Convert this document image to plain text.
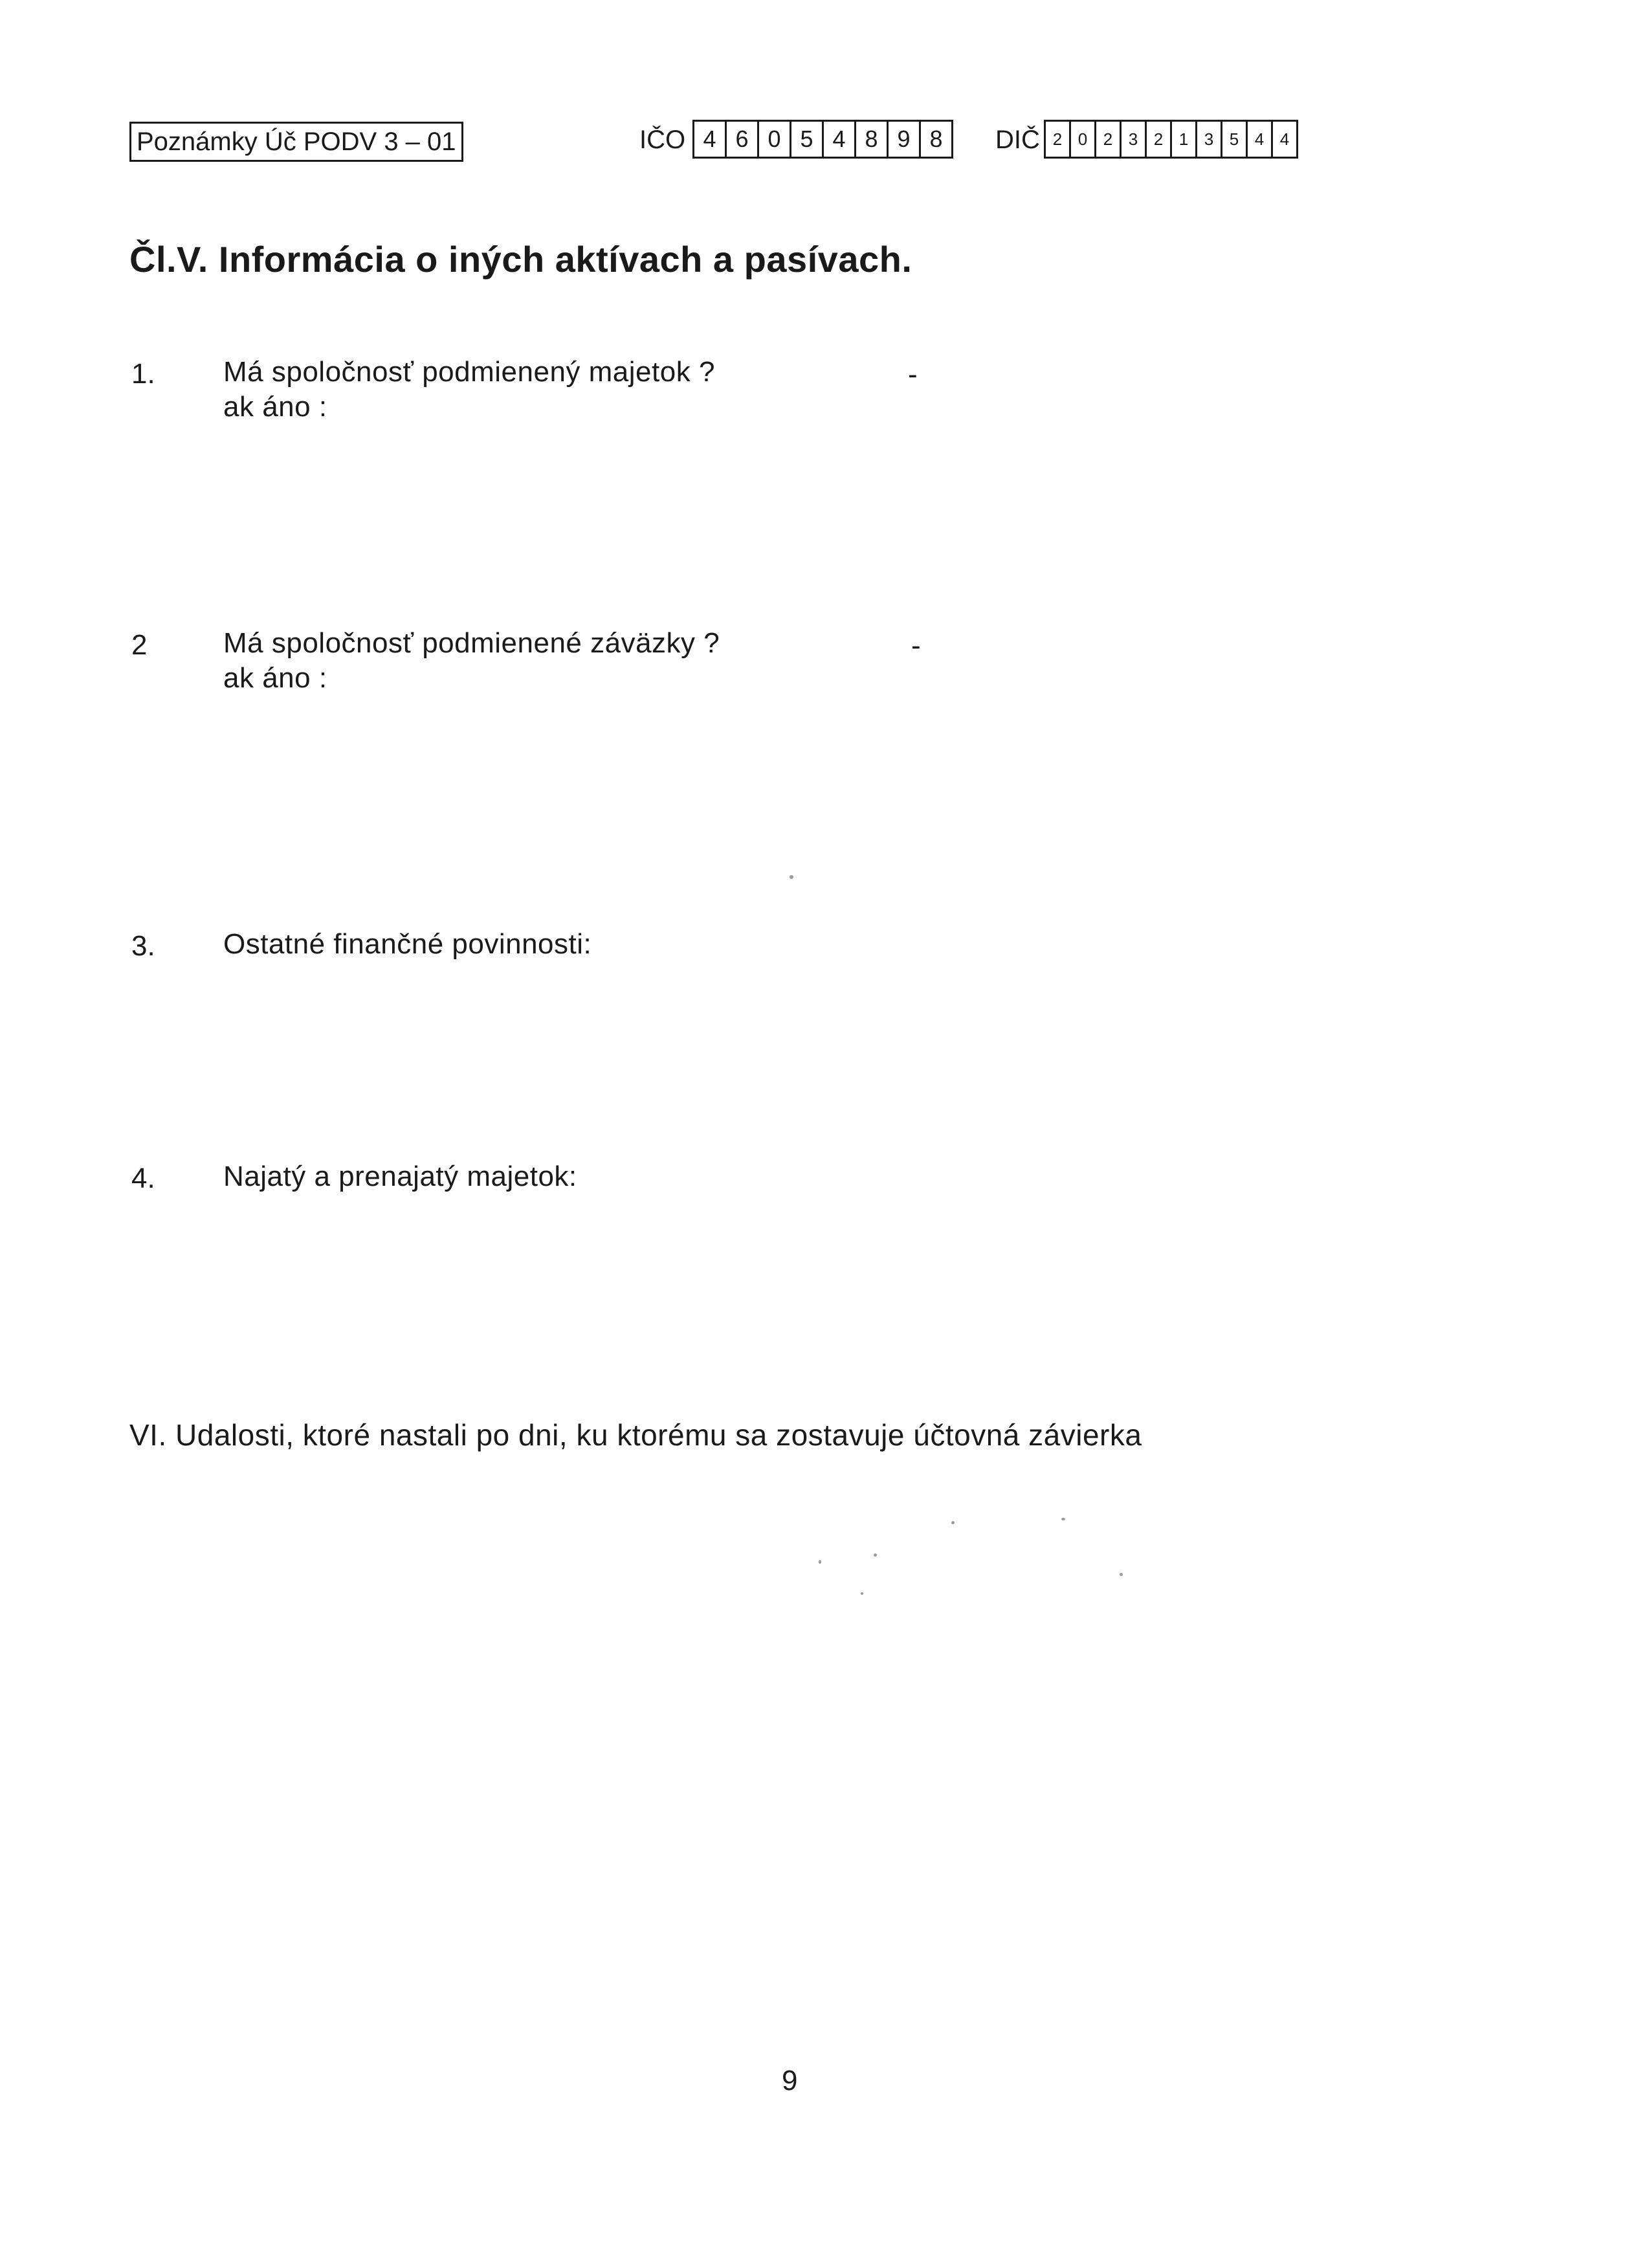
Poznámky Úč PODV 3 – 01	IČO 4 6 0 5 4 8 9 8	DIČ 2 0 2 3 2 1 3 5 4 4
Čl.V. Informácia o iných aktívach a pasívach.
1. Má spoločnosť podmienený majetok ?	-
ak áno :
2	Má spoločnosť podmienené záväzky ?	-
ak áno :
3. Ostatné finančné povinnosti:
4. Najatý a prenajatý majetok:
VI. Udalosti, ktoré nastali po dni, ku ktorému sa zostavuje účtovná závierka
9
